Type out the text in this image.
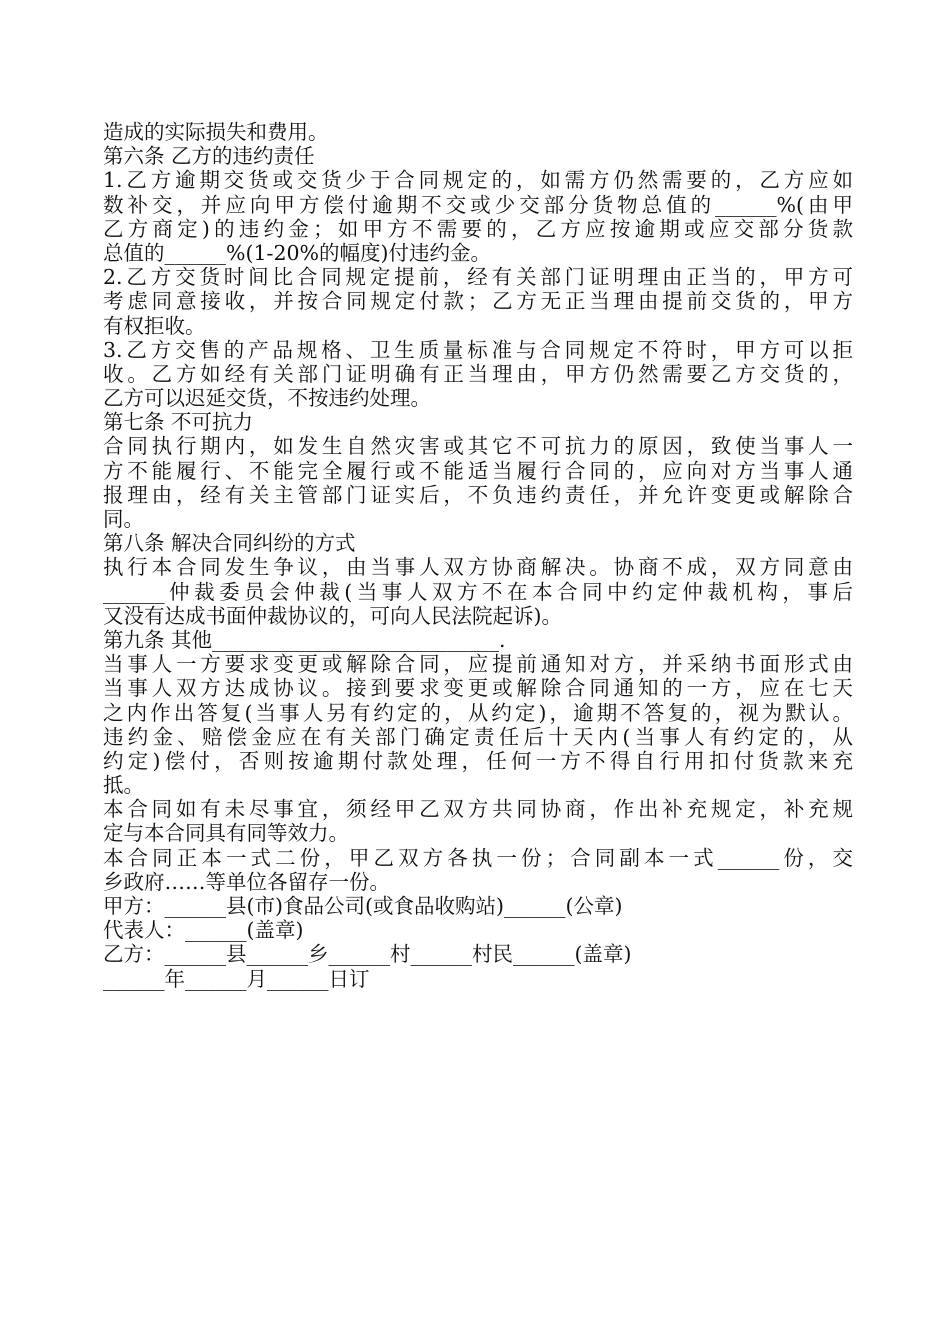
造成的实际损失和费用。
第六条 乙方的违约责任
1.乙方逾期交货或交货少于合同规定的，如需方仍然需要的，乙方应如
数补交，并应向甲方偿付逾期不交或少交部分货物总值的______%(由甲
乙方商定)的违约金；如甲方不需要的，乙方应按逾期或应交部分货款
总值的______%(1-20%的幅度)付违约金。
2.乙方交货时间比合同规定提前，经有关部门证明理由正当的，甲方可
考虑同意接收，并按合同规定付款；乙方无正当理由提前交货的，甲方
有权拒收。
3.乙方交售的产品规格、卫生质量标准与合同规定不符时，甲方可以拒
收。乙方如经有关部门证明确有正当理由，甲方仍然需要乙方交货的，
乙方可以迟延交货，不按违约处理。
第七条 不可抗力
合同执行期内，如发生自然灾害或其它不可抗力的原因，致使当事人一
方不能履行、不能完全履行或不能适当履行合同的，应向对方当事人通
报理由，经有关主管部门证实后，不负违约责任，并允许变更或解除合
同。
第八条 解决合同纠纷的方式
执行本合同发生争议，由当事人双方协商解决。协商不成，双方同意由
______仲裁委员会仲裁(当事人双方不在本合同中约定仲裁机构，事后
又没有达成书面仲裁协议的，可向人民法院起诉)。
第九条 其他____________________________.
当事人一方要求变更或解除合同，应提前通知对方，并采纳书面形式由
当事人双方达成协议。接到要求变更或解除合同通知的一方，应在七天
之内作出答复(当事人另有约定的，从约定)，逾期不答复的，视为默认。
违约金、赔偿金应在有关部门确定责任后十天内(当事人有约定的，从
约定)偿付，否则按逾期付款处理，任何一方不得自行用扣付货款来充
抵。
本合同如有未尽事宜，须经甲乙双方共同协商，作出补充规定，补充规
定与本合同具有同等效力。
本合同正本一式二份，甲乙双方各执一份；合同副本一式______份，交
乡政府……等单位各留存一份。
甲方：______县(市)食品公司(或食品收购站)______(公章)
代表人：______(盖章)
乙方：______县______乡______村______村民______(盖章)
______年______月______日订
